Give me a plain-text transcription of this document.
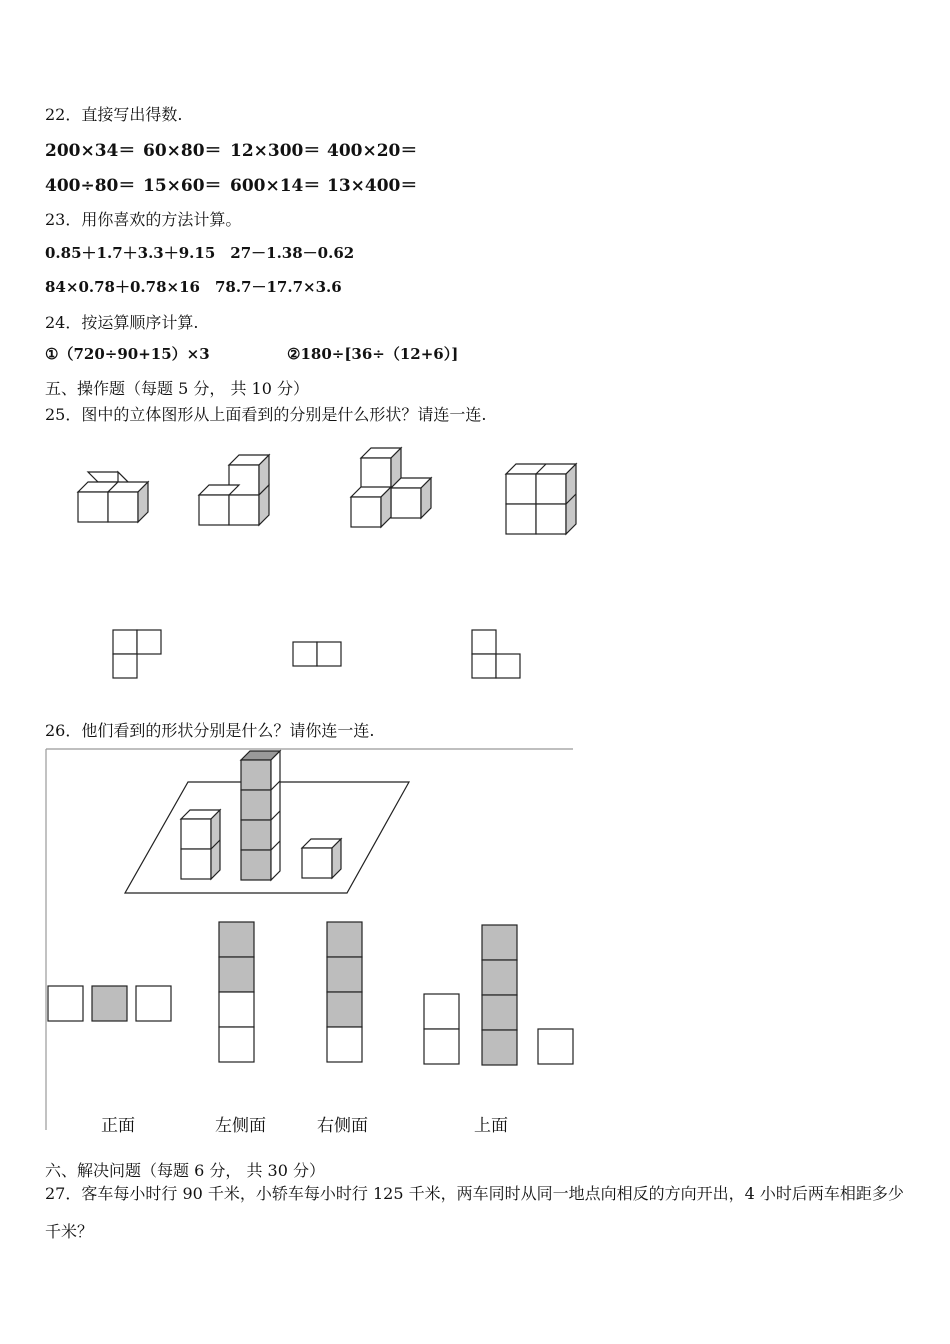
22．直接写出得数.
200×34＝ 60×80＝ 12×300＝ 400×20＝
400÷80＝ 15×60＝ 600×14＝ 13×400＝
23．用你喜欢的方法计算。
0.85＋1.7＋3.3＋9.15　27－1.38－0.62
84×0.78＋0.78×16　78.7－17.7×3.6
24．按运算顺序计算.
①（720÷90+15）×3	②180÷[36÷（12+6）]
五、操作题（每题 5 分， 共 10 分）
25．图中的立体图形从上面看到的分别是什么形状？请连一连.
26．他们看到的形状分别是什么？请你连一连.
正面	左侧面	右侧面	上面
六、解决问题（每题 6 分， 共 30 分）
27．客车每小时行 90 千米，小轿车每小时行 125 千米，两车同时从同一地点向相反的方向开出，4 小时后两车相距多少千米？
